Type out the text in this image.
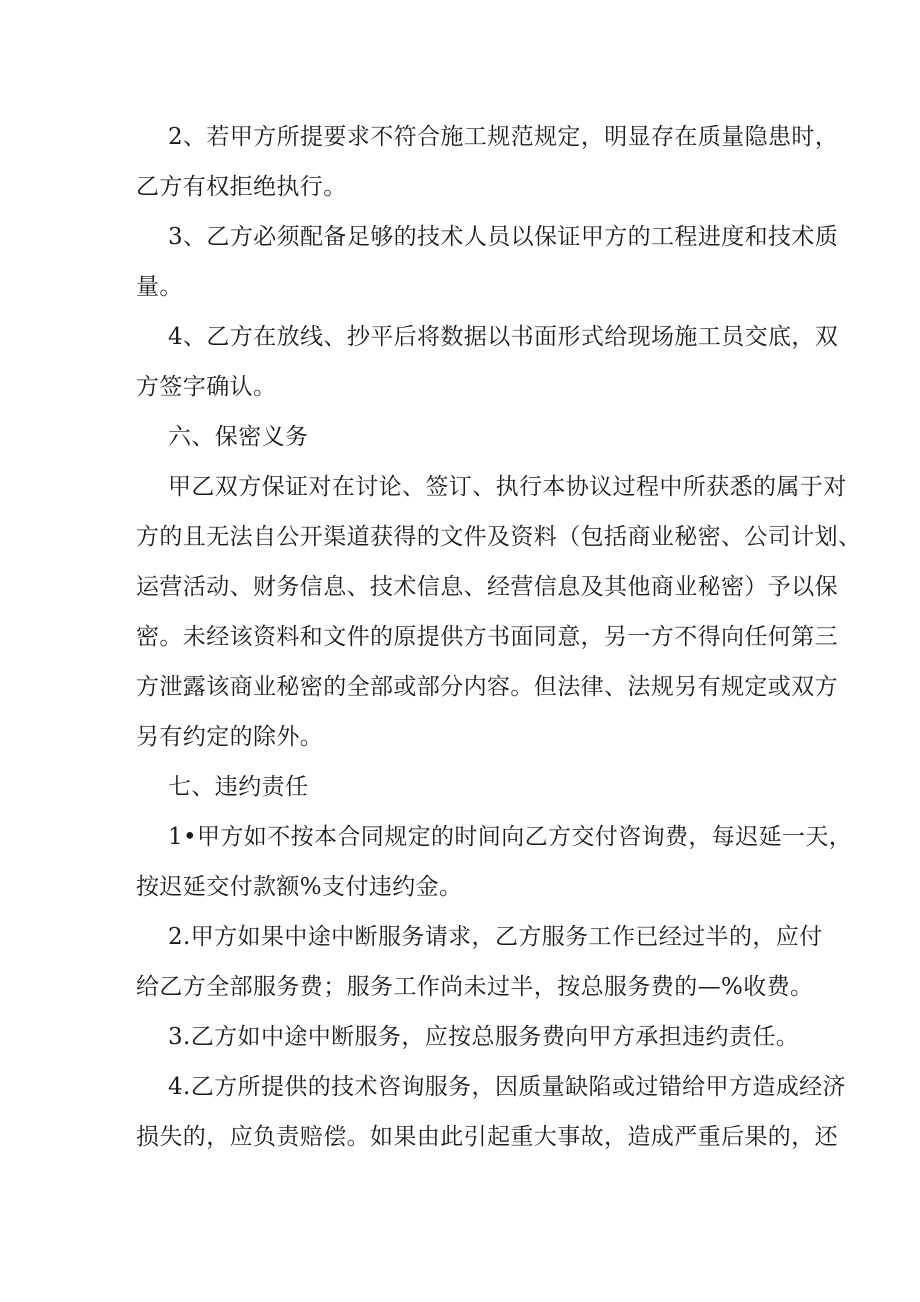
2、若甲方所提要求不符合施工规范规定，明显存在质量隐患时，
乙方有权拒绝执行。
3、乙方必须配备足够的技术人员以保证甲方的工程进度和技术质
量。
4、乙方在放线、抄平后将数据以书面形式给现场施工员交底，双
方签字确认。
六、保密义务
甲乙双方保证对在讨论、签订、执行本协议过程中所获悉的属于对
方的且无法自公开渠道获得的文件及资料（包括商业秘密、公司计划、
运营活动、财务信息、技术信息、经营信息及其他商业秘密）予以保
密。未经该资料和文件的原提供方书面同意，另一方不得向任何第三
方泄露该商业秘密的全部或部分内容。但法律、法规另有规定或双方
另有约定的除外。
七、违约责任
1•甲方如不按本合同规定的时间向乙方交付咨询费，每迟延一天，
按迟延交付款额%支付违约金。
2.甲方如果中途中断服务请求，乙方服务工作已经过半的，应付
给乙方全部服务费；服务工作尚未过半，按总服务费的—%收费。
3.乙方如中途中断服务，应按总服务费向甲方承担违约责任。
4.乙方所提供的技术咨询服务，因质量缺陷或过错给甲方造成经济
损失的，应负责赔偿。如果由此引起重大事故，造成严重后果的，还
